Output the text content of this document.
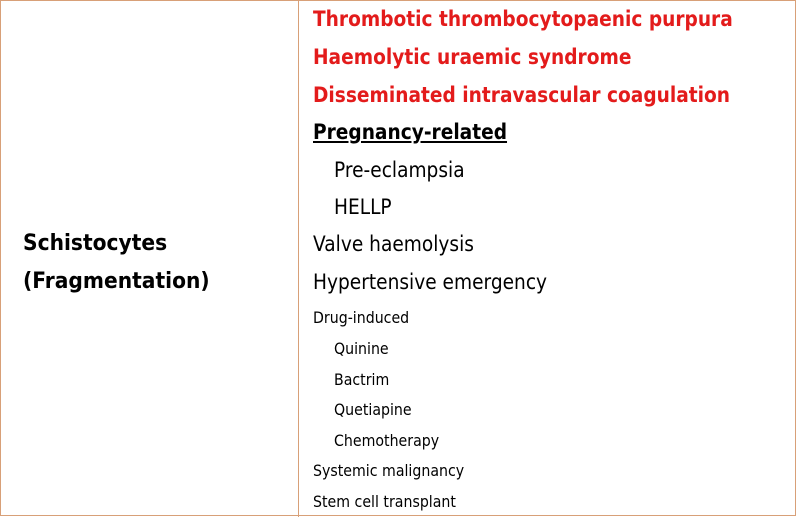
Schistocytes
(Fragmentation)
Thrombotic thrombocytopaenic purpura
Haemolytic uraemic syndrome
Disseminated intravascular coagulation
Pregnancy-related
Pre-eclampsia
HELLP
Valve haemolysis
Hypertensive emergency
Drug-induced
Quinine
Bactrim
Quetiapine
Chemotherapy
Systemic malignancy
Stem cell transplant
